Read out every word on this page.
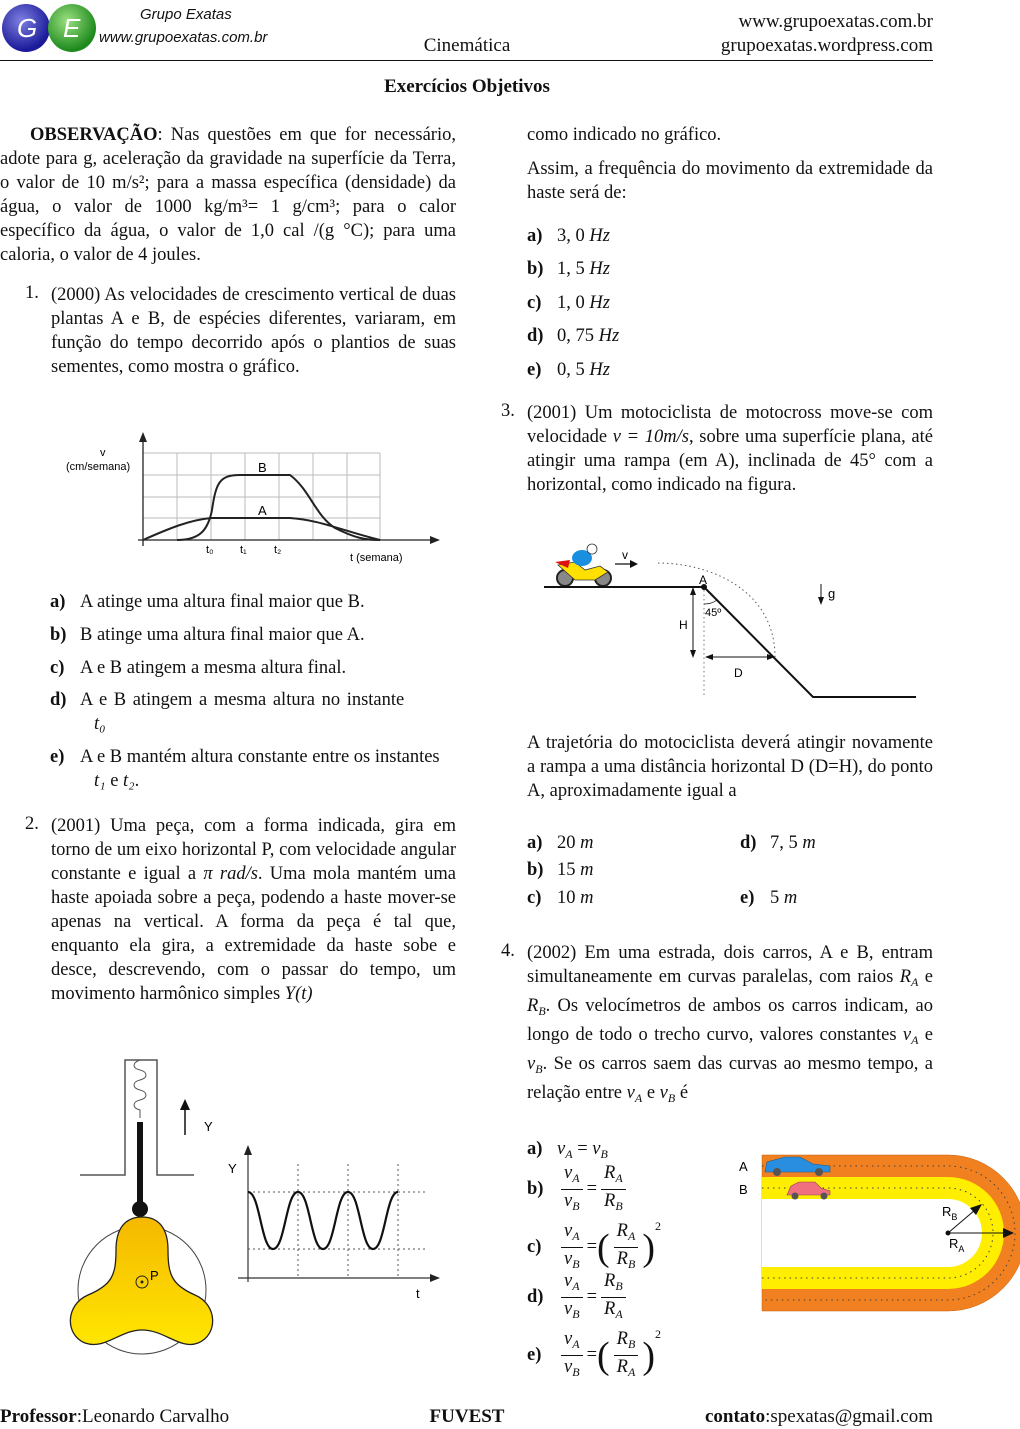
G E	Grupo Exatas
www.grupoexatas.com.br	Cinemática
www.grupoexatas.com.br
grupoexatas.wordpress.com
Exercícios Objetivos
OBSERVAÇÃO: Nas questões em que for necessário, adote para g, aceleração da gravidade na superfície da Terra, o valor de 10 m/s²; para a massa específica (densidade) da água, o valor de 1000 kg/m³= 1 g/cm³; para o calor específico da água, o valor de 1,0 cal /(g °C); para uma caloria, o valor de 4 joules.
1. (2000) As velocidades de crescimento vertical de duas plantas A e B, de espécies diferentes, variaram, em função do tempo decorrido após o plantios de suas sementes, como mostra o gráfico.
v
(cm/semana)	B
A
t₀ t₁ t₂
t (semana)
a) A atinge uma altura final maior que B.
b) B atinge uma altura final maior que A.
c) A e B atingem a mesma altura final.
d) A e B atingem a mesma altura no instante
t₀
e) A e B mantém altura constante entre os instantes
t₁ e t₂.
2. (2001) Uma peça, com a forma indicada, gira em torno de um eixo horizontal P, com velocidade angular constante e igual a π rad/s. Uma mola mantém uma haste apoiada sobre a peça, podendo a haste mover-se apenas na vertical. A forma da peça é tal que, enquanto ela gira, a extremidade da haste sobe e desce, descrevendo, com o passar do tempo, um movimento harmônico simples Y(t)
Y
P
Y
t
como indicado no gráfico.
Assim, a frequência do movimento da extremidade da haste será de:
a) 3, 0 Hz
b) 1, 5 Hz
c) 1, 0 Hz
d) 0, 75 Hz
e) 0, 5 Hz
3. (2001) Um motociclista de motocross move-se com velocidade v = 10m/s, sobre uma superfície plana, até atingir uma rampa (em A), inclinada de 45° com a horizontal, como indicado na figura.
v
A
45º
H
D
g
A trajetória do motociclista deverá atingir novamente a rampa a uma distância horizontal D (D=H), do ponto A, aproximadamente igual a
a) 20 m
b) 15 m
c) 10 m
d) 7, 5 m
e) 5 m
4. (2002) Em uma estrada, dois carros, A e B, entram simultaneamente em curvas paralelas, com raios $R_A$ e $R_B$. Os velocímetros de ambos os carros indicam, ao longo de todo o trecho curvo, valores constantes $v_A$ e $v_B$. Se os carros saem das curvas ao mesmo tempo, a relação entre $v_A$ e $v_B$ é
a) $v_A = v_B$
$b) \frac{v_A}{v_B} = \frac{R_A}{R_B}$
$c) \frac{v_A}{v_B}$ =( $\frac{R_A}{R_B} )^2$
$d) \frac{v_A}{v_B} = \frac{R_B}{R_A}$
$e) \frac{v_A}{v_B}$ =( $\frac{R_B}{R_A} )^2$
A
B
$R_B$
$R_A$
Professor:Leonardo Carvalho	FUVEST	contato:spexatas@gmail.com
